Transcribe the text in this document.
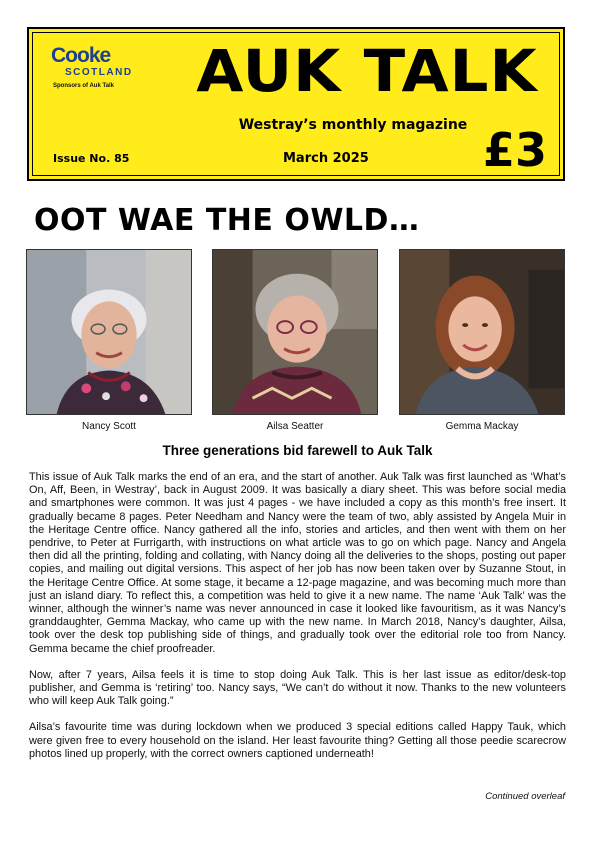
Cooke
SCOTLAND
Sponsors of Auk Talk	AUK TALK
Westray’s monthly magazine
Issue No. 85	March 2025 £3
OOT WAE THE OWLD…
Nancy Scott	Ailsa Seatter	Gemma Mackay
Three generations bid farewell to Auk Talk

This issue of Auk Talk marks the end of an era, and the start of another. Auk Talk was first launched as ‘What’s On, Aff, Been, in Westray’, back in August 2009. It was basically a diary sheet. This was before social media and smartphones were common. It was just 4 pages - we have included a copy as this month’s free insert. It gradually became 8 pages. Peter Needham and Nancy were the team of two, ably assisted by Angela Muir in the Heritage Centre office. Nancy gathered all the info, stories and articles, and then went with them on her pendrive, to Peter at Furrigarth, with instructions on what article was to go on which page. Nancy and Angela then did all the printing, folding and collating, with Nancy doing all the deliveries to the shops, posting out paper copies, and mailing out digital versions. This aspect of her job has now been taken over by Suzanne Stout, in the Heritage Centre Office. At some stage, it became a 12-page magazine, and was becoming much more than just an island diary. To reflect this, a competition was held to give it a new name. The name ‘Auk Talk’ was the winner, although the winner’s name was never announced in case it looked like favouritism, as it was Nancy’s granddaughter, Gemma Mackay, who came up with the new name. In March 2018, Nancy’s daughter, Ailsa, took over the desk top publishing side of things, and gradually took over the editorial role too from Nancy. Gemma became the chief proofreader.

Now, after 7 years, Ailsa feels it is time to stop doing Auk Talk. This is her last issue as editor/desk-top publisher, and Gemma is ‘retiring’ too. Nancy says, “We can’t do without it now. Thanks to the new volunteers who will keep Auk Talk going.”

Ailsa’s favourite time was during lockdown when we produced 3 special editions called Happy Tauk, which were given free to every household on the island. Her least favourite thing? Getting all those peedie scarecrow photos lined up properly, with the correct owners captioned underneath!

Continued overleaf
